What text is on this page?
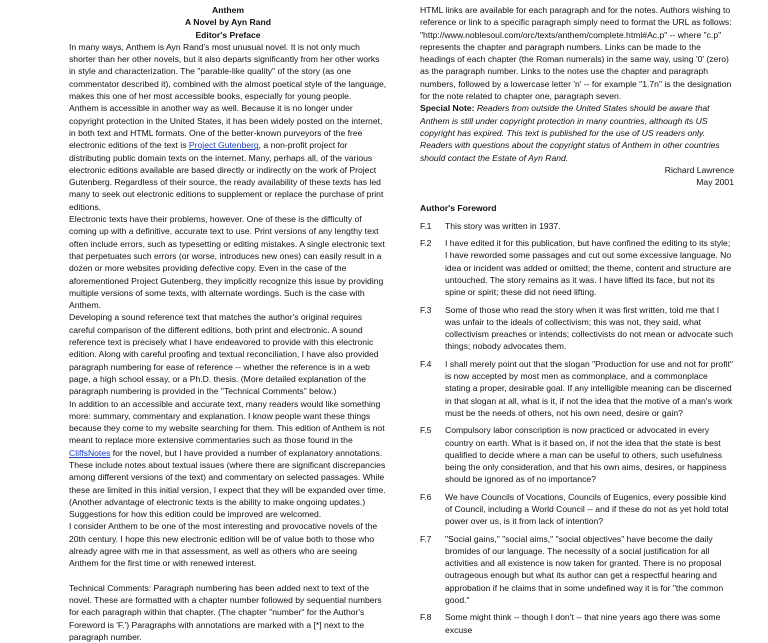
Anthem
A Novel by Ayn Rand
Editor's Preface

In many ways, Anthem is Ayn Rand's most unusual novel. It is not only much shorter than her other novels, but it also departs significantly from her other works in style and characterization. The "parable-like quality" of the story (as one commentator described it), combined with the almost poetical style of the language, makes this one of her most accessible books, especially for young people.

Anthem is accessible in another way as well. Because it is no longer under copyright protection in the United States, it has been widely posted on the internet, in both text and HTML formats. One of the better-known purveyors of the free electronic editions of the text is Project Gutenberg, a non-profit project for distributing public domain texts on the internet. Many, perhaps all, of the various electronic editions available are based directly or indirectly on the work of Project Gutenberg. Regardless of their source, the ready availability of these texts has led many to seek out electronic editions to supplement or replace the purchase of print editions.

Electronic texts have their problems, however. One of these is the difficulty of coming up with a definitive, accurate text to use. Print versions of any lengthy text often include errors, such as typesetting or editing mistakes. A single electronic text that perpetuates such errors (or worse, introduces new ones) can easily result in a dozen or more websites providing defective copy. Even in the case of the aforementioned Project Gutenberg, they implicitly recognize this issue by providing multiple versions of some texts, with alternate wordings. Such is the case with Anthem.

Developing a sound reference text that matches the author's original requires careful comparison of the different editions, both print and electronic. A sound reference text is precisely what I have endeavored to provide with this electronic edition. Along with careful proofing and textual reconciliation, I have also provided paragraph numbering for ease of reference -- whether the reference is in a web page, a high school essay, or a Ph.D. thesis. (More detailed explanation of the paragraph numbering is provided in the "Technical Comments" below.)

In addition to an accessible and accurate text, many readers would like something more: summary, commentary and explanation. I know people want these things because they come to my website searching for them. This edition of Anthem is not meant to replace more extensive commentaries such as those found in the CliffsNotes for the novel, but I have provided a number of explanatory annotations. These include notes about textual issues (where there are significant discrepancies among different versions of the text) and commentary on selected passages. While these are limited in this initial version, I expect that they will be expanded over time. (Another advantage of electronic texts is the ability to make ongoing updates.) Suggestions for how this edition could be improved are welcomed.

I consider Anthem to be one of the most interesting and provocative novels of the 20th century. I hope this new electronic edition will be of value both to those who already agree with me in that assessment, as well as others who are seeing Anthem for the first time or with renewed interest.

Technical Comments: Paragraph numbering has been added next to text of the novel. These are formatted with a chapter number followed by sequential numbers for each paragraph within that chapter. (The chapter "number" for the Author's Foreword is 'F.') Paragraphs with annotations are marked with a [*] next to the paragraph number.

HTML links are available for each paragraph and for the notes. Authors wishing to reference or link to a specific paragraph simply need to format the URL as follows: "http://www.noblesoul.com/orc/texts/anthem/complete.html#Ac.p" -- where "c.p" represents the chapter and paragraph numbers. Links can be made to the headings of each chapter (the Roman numerals) in the same way, using '0' (zero) as the paragraph number. Links to the notes use the chapter and paragraph numbers, followed by a lowercase letter 'n' -- for example "1.7n" is the designation for the note related to chapter one, paragraph seven.

Special Note: Readers from outside the United States should be aware that Anthem is still under copyright protection in many countries, although its US copyright has expired. This text is published for the use of US readers only. Readers with questions about the copyright status of Anthem in other countries should contact the Estate of Ayn Rand.

Richard Lawrence

May 2001

Author's Foreword
F.1	This story was written in 1937.
F.2	I have edited it for this publication, but have confined the editing to its style; I have reworded some passages and cut out some excessive language. No idea or incident was added or omitted; the theme, content and structure are untouched. The story remains as it was. I have lifted its face, but not its spine or spirit; these did not need lifting.
F.3	Some of those who read the story when it was first written, told me that I was unfair to the ideals of collectivism; this was not, they said, what collectivism preaches or intends; collectivists do not mean or advocate such things; nobody advocates them.
F.4	I shall merely point out that the slogan "Production for use and not for profit" is now accepted by most men as commonplace, and a commonplace stating a proper, desirable goal. If any intelligible meaning can be discerned in that slogan at all, what is it, if not the idea that the motive of a man's work must be the needs of others, not his own need, desire or gain?
F.5	Compulsory labor conscription is now practiced or advocated in every country on earth. What is it based on, if not the idea that the state is best qualified to decide where a man can be useful to others, such usefulness being the only consideration, and that his own aims, desires, or happiness should be ignored as of no importance?
F.6	We have Councils of Vocations, Councils of Eugenics, every possible kind of Council, including a World Council -- and if these do not as yet hold total power over us, is it from lack of intention?
F.7	"Social gains," "social aims," "social objectives" have become the daily bromides of our language. The necessity of a social justification for all activities and all existence is now taken for granted. There is no proposal outrageous enough but what its author can get a respectful hearing and approbation if he claims that in some undefined way it is for "the common good."
F.8	Some might think -- though I don't -- that nine years ago there was some excuse
